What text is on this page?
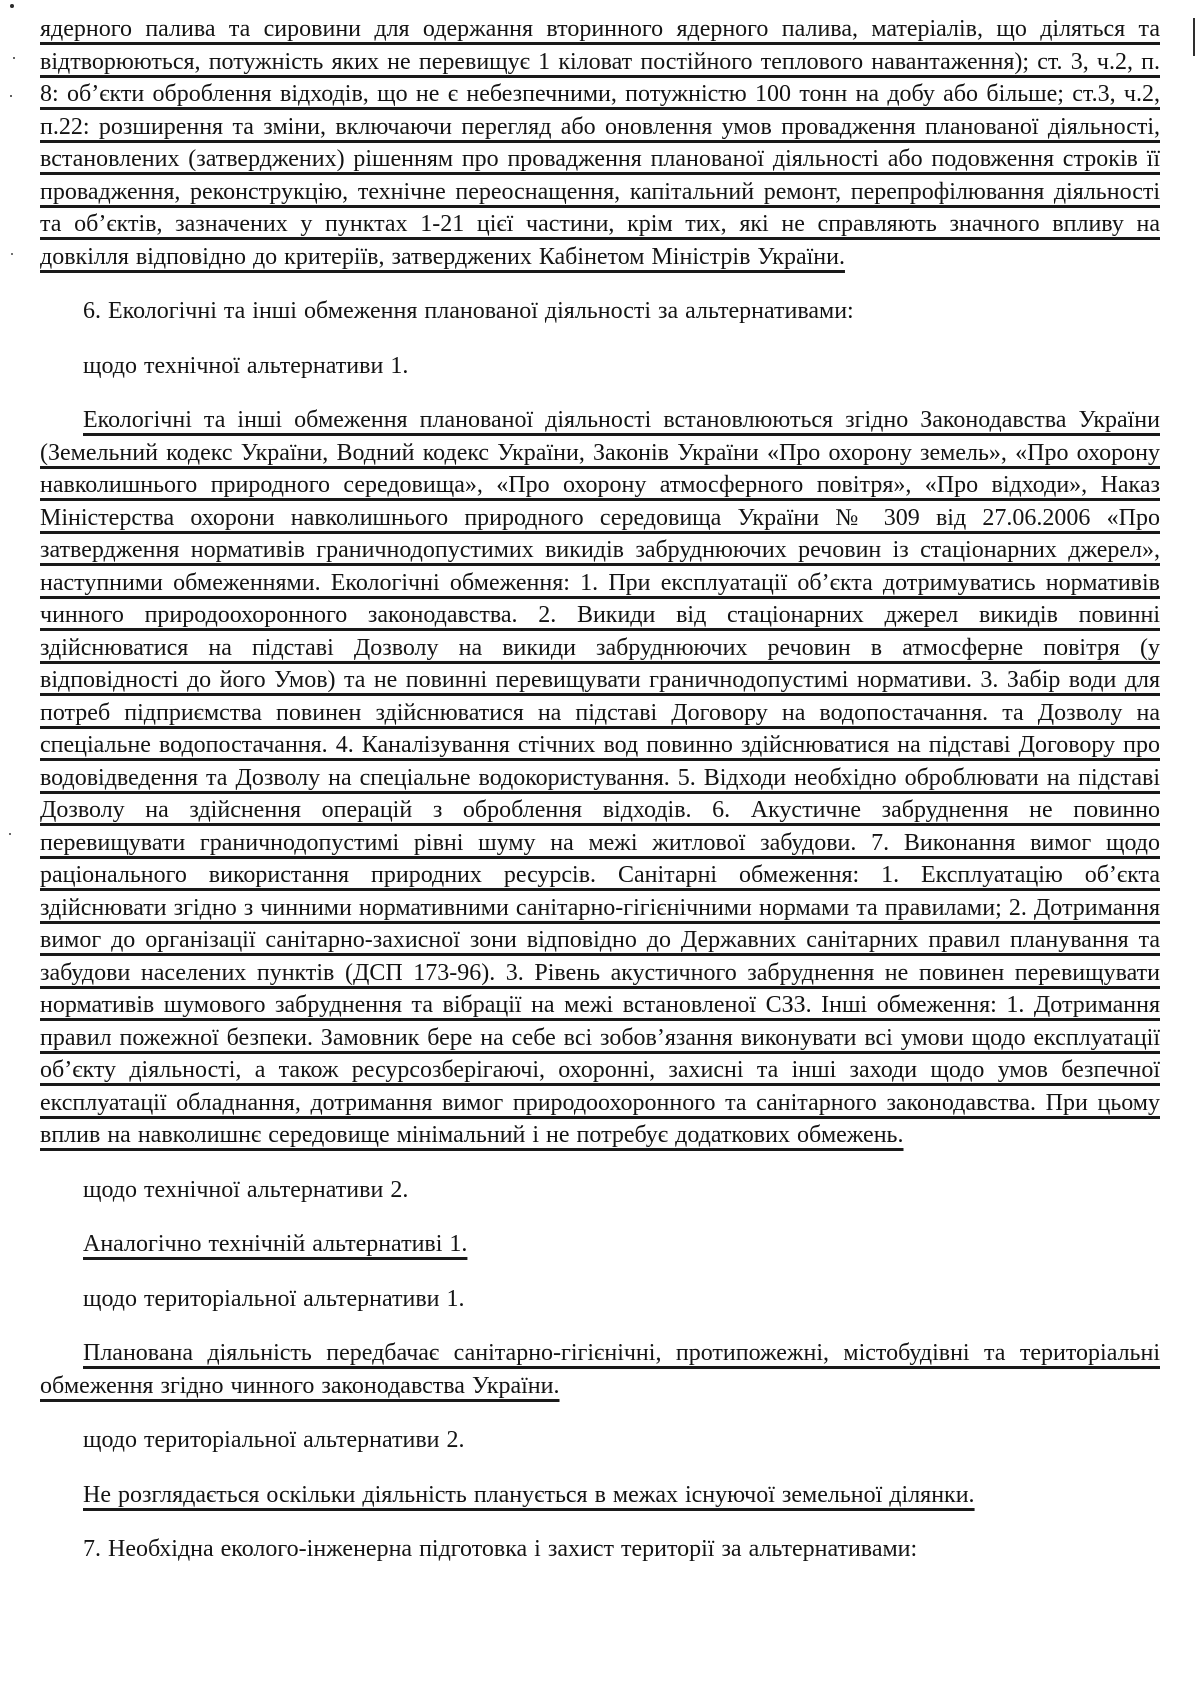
ядерного палива та сировини для одержання вторинного ядерного палива, матеріалів, що діляться та відтворюються, потужність яких не перевищує 1 кіловат постійного теплового навантаження); ст. 3, ч.2, п. 8: об’єкти оброблення відходів, що не є небезпечними, потужністю 100 тонн на добу або більше; ст.3, ч.2, п.22: розширення та зміни, включаючи перегляд або оновлення умов провадження планованої діяльності, встановлених (затверджених) рішенням про провадження планованої діяльності або подовження строків її провадження, реконструкцію, технічне переоснащення, капітальний ремонт, перепрофілювання діяльності та об’єктів, зазначених у пунктах 1-21 цієї частини, крім тих, які не справляють значного впливу на довкілля відповідно до критеріїв, затверджених Кабінетом Міністрів України.

6. Екологічні та інші обмеження планованої діяльності за альтернативами:

щодо технічної альтернативи 1.

Екологічні та інші обмеження планованої діяльності встановлюються згідно Законодавства України (Земельний кодекс України, Водний кодекс України, Законів України «Про охорону земель», «Про охорону навколишнього природного середовища», «Про охорону атмосферного повітря», «Про відходи», Наказ Міністерства охорони навколишнього природного середовища України № 309 від 27.06.2006 «Про затвердження нормативів граничнодопустимих викидів забруднюючих речовин із стаціонарних джерел», наступними обмеженнями. Екологічні обмеження: 1. При експлуатації об’єкта дотримуватись нормативів чинного природоохоронного законодавства. 2. Викиди від стаціонарних джерел викидів повинні здійснюватися на підставі Дозволу на викиди забруднюючих речовин в атмосферне повітря (у відповідності до його Умов) та не повинні перевищувати граничнодопустимі нормативи. 3. Забір води для потреб підприємства повинен здійснюватися на підставі Договору на водопостачання. та Дозволу на спеціальне водопостачання. 4. Каналізування стічних вод повинно здійснюватися на підставі Договору про водовідведення та Дозволу на спеціальне водокористування. 5. Відходи необхідно оброблювати на підставі Дозволу на здійснення операцій з оброблення відходів. 6. Акустичне забруднення не повинно перевищувати граничнодопустимі рівні шуму на межі житлової забудови. 7. Виконання вимог щодо раціонального використання природних ресурсів. Санітарні обмеження: 1. Експлуатацію об’єкта здійснювати згідно з чинними нормативними санітарно-гігієнічними нормами та правилами; 2. Дотримання вимог до організації санітарно-захисної зони відповідно до Державних санітарних правил планування та забудови населених пунктів (ДСП 173-96). 3. Рівень акустичного забруднення не повинен перевищувати нормативів шумового забруднення та вібрації на межі встановленої СЗЗ. Інші обмеження: 1. Дотримання правил пожежної безпеки. Замовник бере на себе всі зобов’язання виконувати всі умови щодо експлуатації об’єкту діяльності, а також ресурсозберігаючі, охоронні, захисні та інші заходи щодо умов безпечної експлуатації обладнання, дотримання вимог природоохоронного та санітарного законодавства. При цьому вплив на навколишнє середовище мінімальний і не потребує додаткових обмежень.

щодо технічної альтернативи 2.

Аналогічно технічній альтернативі 1.

щодо територіальної альтернативи 1.

Планована діяльність передбачає санітарно-гігієнічні, протипожежні, містобудівні та територіальні обмеження згідно чинного законодавства України.

щодо територіальної альтернативи 2.

Не розглядається оскільки діяльність планується в межах існуючої земельної ділянки.

7. Необхідна еколого-інженерна підготовка і захист території за альтернативами:
